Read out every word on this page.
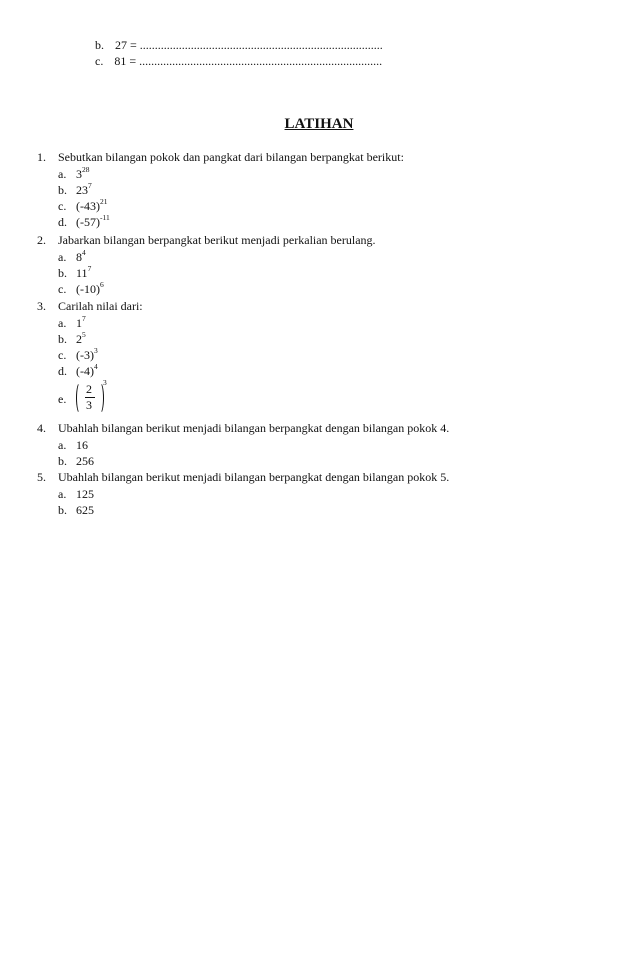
b. 27 = .................................................................................
c. 81 = .................................................................................
LATIHAN
1. Sebutkan bilangan pokok dan pangkat dari bilangan berpangkat berikut:
a. $3^{28}$
b. $23^7$
c. $(-43)^{21}$
d. $(-57)^{-11}$
2. Jabarkan bilangan berpangkat berikut menjadi perkalian berulang.
a. $8^4$
b. $11^7$
c. $(-10)^6$
3. Carilah nilai dari:
a. $1^7$
b. $2^5$
c. $(-3)^3$
d. $(-4)^4$
e.
2
3
3
4. Ubahlah bilangan berikut menjadi bilangan berpangkat dengan bilangan pokok 4.
a. 16
b. 256
5. Ubahlah bilangan berikut menjadi bilangan berpangkat dengan bilangan pokok 5.
a. 125
b. 625
